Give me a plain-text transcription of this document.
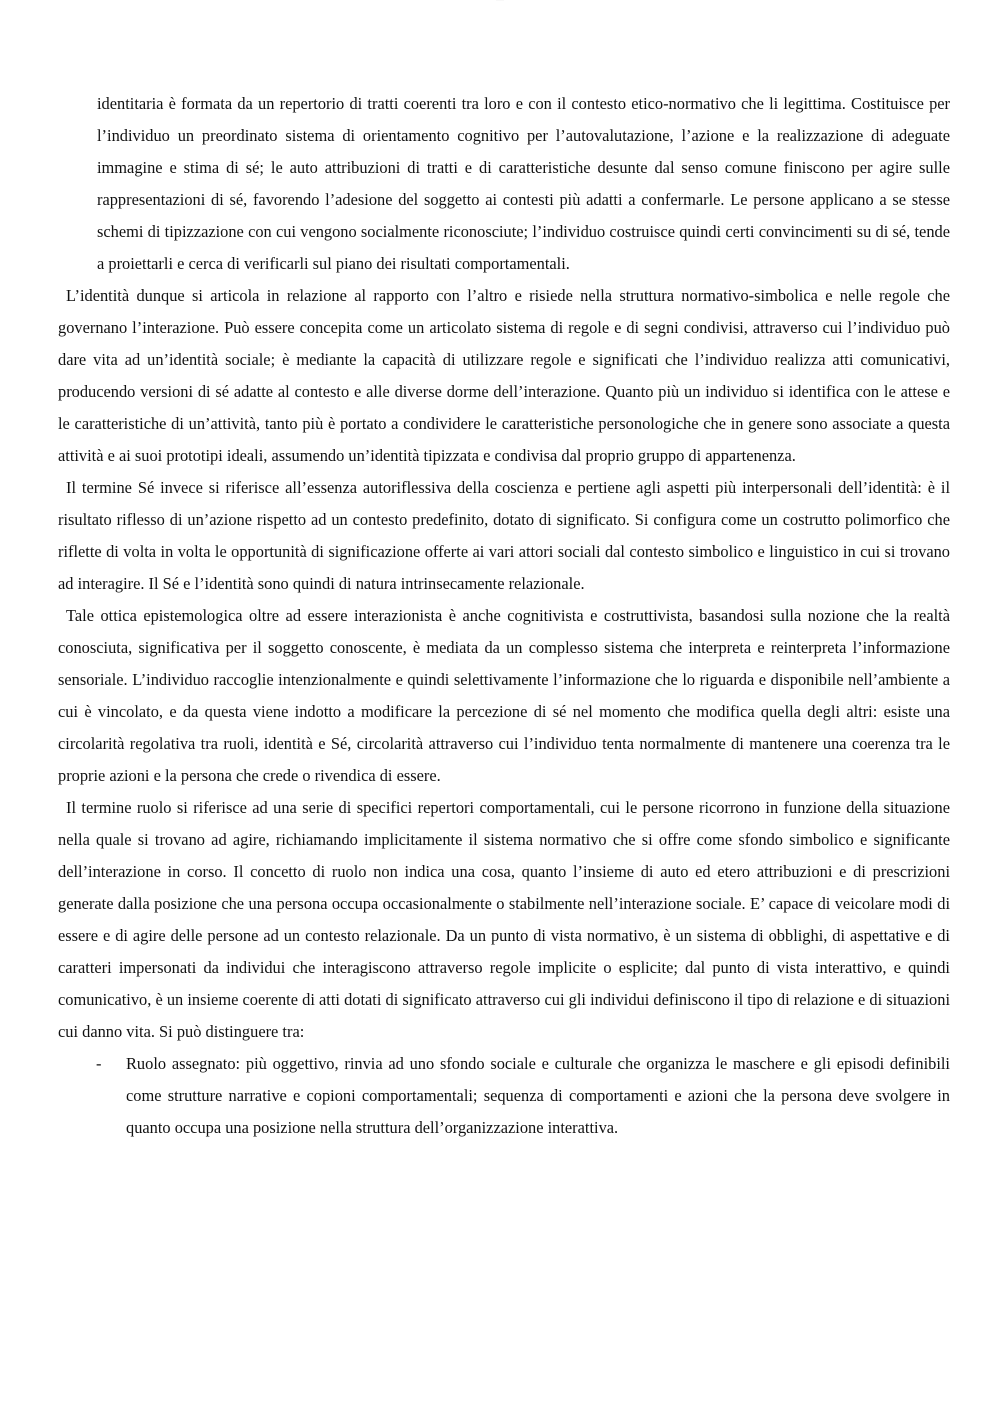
········

identitaria è formata da un repertorio di tratti coerenti tra loro e con il contesto etico-normativo che li legittima. Costituisce per l’individuo un preordinato sistema di orientamento cognitivo per l’autovalutazione, l’azione e la realizzazione di adeguate immagine e stima di sé; le auto attribuzioni di tratti e di caratteristiche desunte dal senso comune finiscono per agire sulle rappresentazioni di sé, favorendo l’adesione del soggetto ai contesti più adatti a confermarle. Le persone applicano a se stesse schemi di tipizzazione con cui vengono socialmente riconosciute; l’individuo costruisce quindi certi convincimenti su di sé, tende a proiettarli e cerca di verificarli sul piano dei risultati comportamentali.

L’identità dunque si articola in relazione al rapporto con l’altro e risiede nella struttura normativo-simbolica e nelle regole che governano l’interazione. Può essere concepita come un articolato sistema di regole e di segni condivisi, attraverso cui l’individuo può dare vita ad un’identità sociale; è mediante la capacità di utilizzare regole e significati che l’individuo realizza atti comunicativi, producendo versioni di sé adatte al contesto e alle diverse dorme dell’interazione. Quanto più un individuo si identifica con le attese e le caratteristiche di un’attività, tanto più è portato a condividere le caratteristiche personologiche che in genere sono associate a questa attività e ai suoi prototipi ideali, assumendo un’identità tipizzata e condivisa dal proprio gruppo di appartenenza.

Il termine Sé invece si riferisce all’essenza autoriflessiva della coscienza e pertiene agli aspetti più interpersonali dell’identità: è il risultato riflesso di un’azione rispetto ad un contesto predefinito, dotato di significato. Si configura come un costrutto polimorfico che riflette di volta in volta le opportunità di significazione offerte ai vari attori sociali dal contesto simbolico e linguistico in cui si trovano ad interagire. Il Sé e l’identità sono quindi di natura intrinsecamente relazionale.

Tale ottica epistemologica oltre ad essere interazionista è anche cognitivista e costruttivista, basandosi sulla nozione che la realtà conosciuta, significativa per il soggetto conoscente, è mediata da un complesso sistema che interpreta e reinterpreta l’informazione sensoriale. L’individuo raccoglie intenzionalmente e quindi selettivamente l’informazione che lo riguarda e disponibile nell’ambiente a cui è vincolato, e da questa viene indotto a modificare la percezione di sé nel momento che modifica quella degli altri: esiste una circolarità regolativa tra ruoli, identità e Sé, circolarità attraverso cui l’individuo tenta normalmente di mantenere una coerenza tra le proprie azioni e la persona che crede o rivendica di essere.

Il termine ruolo si riferisce ad una serie di specifici repertori comportamentali, cui le persone ricorrono in funzione della situazione nella quale si trovano ad agire, richiamando implicitamente il sistema normativo che si offre come sfondo simbolico e significante dell’interazione in corso. Il concetto di ruolo non indica una cosa, quanto l’insieme di auto ed etero attribuzioni e di prescrizioni generate dalla posizione che una persona occupa occasionalmente o stabilmente nell’interazione sociale. E’ capace di veicolare modi di essere e di agire delle persone ad un contesto relazionale. Da un punto di vista normativo, è un sistema di obblighi, di aspettative e di caratteri impersonati da individui che interagiscono attraverso regole implicite o esplicite; dal punto di vista interattivo, e quindi comunicativo, è un insieme coerente di atti dotati di significato attraverso cui gli individui definiscono il tipo di relazione e di situazioni cui danno vita. Si può distinguere tra:

- Ruolo assegnato: più oggettivo, rinvia ad uno sfondo sociale e culturale che organizza le maschere e gli episodi definibili come strutture narrative e copioni comportamentali; sequenza di comportamenti e azioni che la persona deve svolgere in quanto occupa una posizione nella struttura dell’organizzazione interattiva.
